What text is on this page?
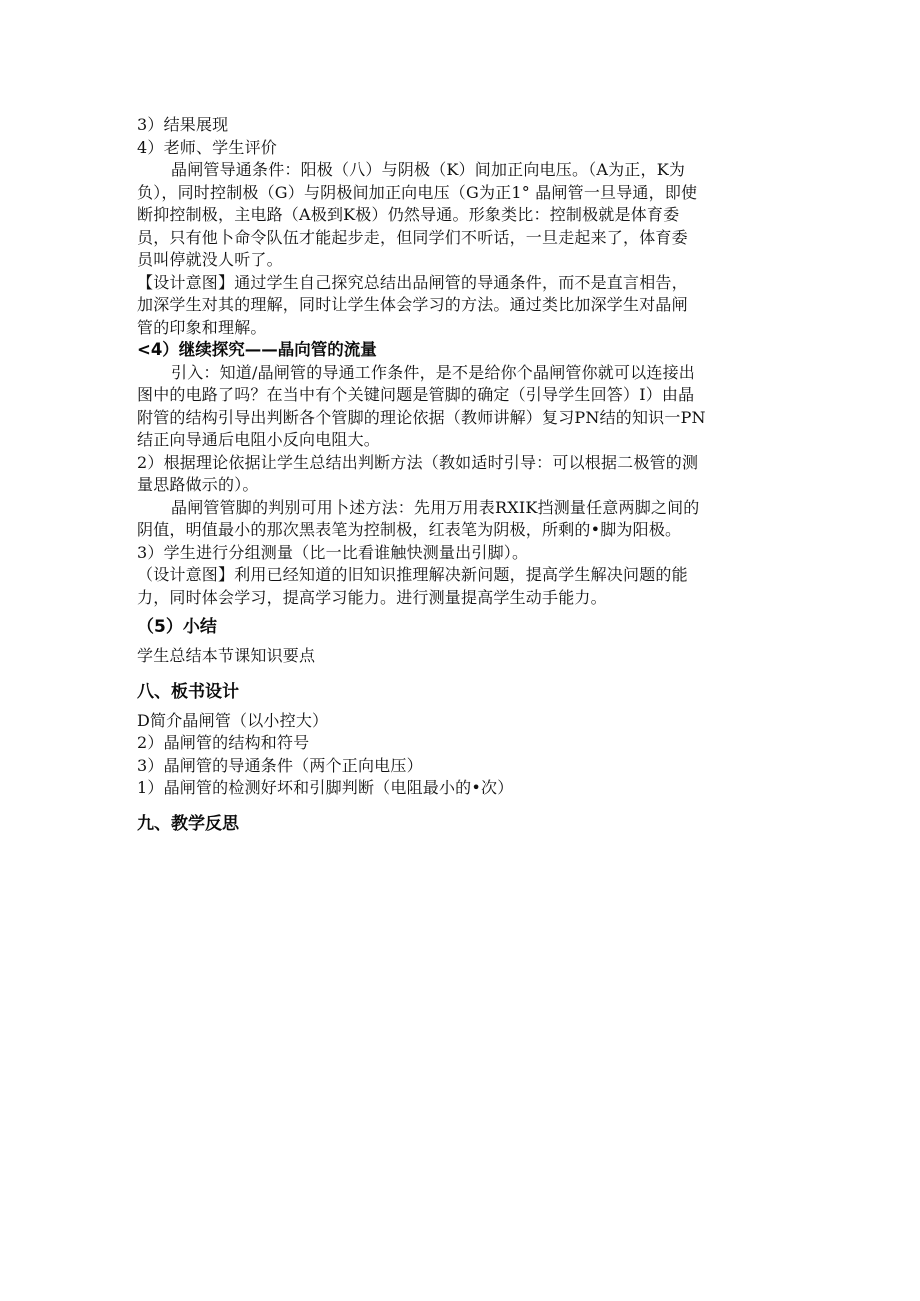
3）结果展现
4）老师、学生评价
晶闸管导通条件：阳极（八）与阴极（K）间加正向电压。（A为正，K为
负），同时控制极（G）与阴极间加正向电压（G为正1° 晶闸管一旦导通，即使
断抑控制极，主电路（A极到K极）仍然导通。形象类比：控制极就是体育委
员，只有他卜命令队伍才能起步走，但同学们不听话，一旦走起来了，体育委
员叫停就没人听了。
【设计意图】通过学生自己探究总结出品闸管的导通条件，而不是直言相告，
加深学生对其的理解，同时让学生体会学习的方法。通过类比加深学生对晶闸
管的印象和理解。
<4）继续探究——晶向管的流量
引入：知道/晶闸管的导通工作条件，是不是给你个晶闸管你就可以连接出
图中的电路了吗？在当中有个关键问题是管脚的确定（引导学生回答）I）由晶
附管的结构引导出判断各个管脚的理论依据（教师讲解）复习PN结的知识一PN
结正向导通后电阻小反向电阻大。
2）根据理论依据让学生总结出判断方法（教如适时引导：可以根据二极管的测
量思路做示的）。
晶闸管管脚的判别可用卜述方法：先用万用表RXIK挡测量任意两脚之间的
阴值，明值最小的那次黑表笔为控制极，红表笔为阴极，所剩的•脚为阳极。
3）学生进行分组测量（比一比看谁触快测量出引脚）。
（设计意图】利用已经知道的旧知识推理解决新问题，提高学生解决问题的能
力，同时体会学习，提高学习能力。进行测量提高学生动手能力。
（5）小结
学生总结本节课知识要点
八、板书设计
D简介晶闸管（以小控大）
2）晶闸管的结构和符号
3）晶闸管的导通条件（两个正向电压）
1）晶闸管的检测好坏和引脚判断（电阻最小的•次）
九、教学反思
